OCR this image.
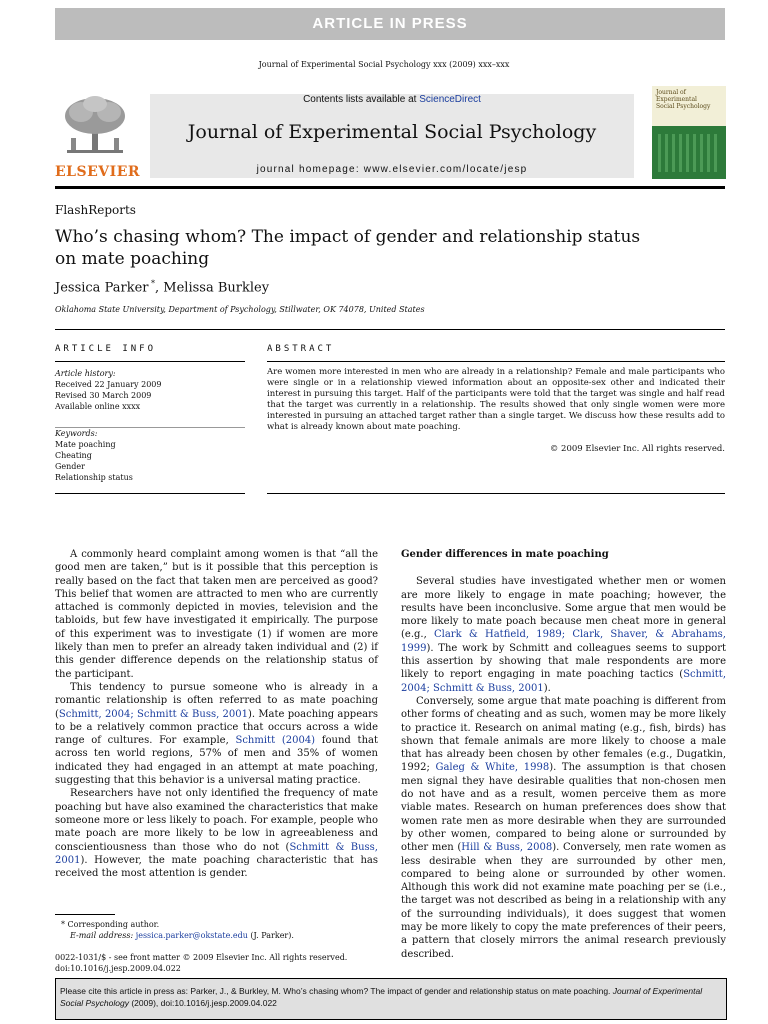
ARTICLE IN PRESS
Journal of Experimental Social Psychology xxx (2009) xxx–xxx
ELSEVIER
Contents lists available at ScienceDirect
Journal of Experimental Social Psychology
journal homepage: www.elsevier.com/locate/jesp
Journal of
Experimental
Social Psychology
FlashReports
Who’s chasing whom? The impact of gender and relationship status
on mate poaching
Jessica Parker *, Melissa Burkley
Oklahoma State University, Department of Psychology, Stillwater, OK 74078, United States
ARTICLE INFO	ABSTRACT
Article history:
Received 22 January 2009
Revised 30 March 2009
Available online xxxx
Keywords:
Mate poaching
Cheating
Gender
Relationship status
Are women more interested in men who are already in a relationship? Female and male participants who were single or in a relationship viewed information about an opposite-sex other and indicated their interest in pursuing this target. Half of the participants were told that the target was single and half read that the target was currently in a relationship. The results showed that only single women were more interested in pursuing an attached target rather than a single target. We discuss how these results add to what is already known about mate poaching.
© 2009 Elsevier Inc. All rights reserved.

A commonly heard complaint among women is that “all the good men are taken,” but is it possible that this perception is really based on the fact that taken men are perceived as good? This belief that women are attracted to men who are currently attached is commonly depicted in movies, television and the tabloids, but few have investigated it empirically. The purpose of this experiment was to investigate (1) if women are more likely than men to prefer an already taken individual and (2) if this gender difference depends on the relationship status of the participant.

This tendency to pursue someone who is already in a romantic relationship is often referred to as mate poaching (Schmitt, 2004; Schmitt & Buss, 2001). Mate poaching appears to be a relatively common practice that occurs across a wide range of cultures. For example, Schmitt (2004) found that across ten world regions, 57% of men and 35% of women indicated they had engaged in an attempt at mate poaching, suggesting that this behavior is a universal mating practice.

Researchers have not only identified the frequency of mate poaching but have also examined the characteristics that make someone more or less likely to poach. For example, people who mate poach are more likely to be low in agreeableness and conscientiousness than those who do not (Schmitt & Buss, 2001). However, the mate poaching characteristic that has received the most attention is gender.

Gender differences in mate poaching

Several studies have investigated whether men or women are more likely to engage in mate poaching; however, the results have been inconclusive. Some argue that men would be more likely to mate poach because men cheat more in general (e.g., Clark & Hatfield, 1989; Clark, Shaver, & Abrahams, 1999). The work by Schmitt and colleagues seems to support this assertion by showing that male respondents are more likely to report engaging in mate poaching tactics (Schmitt, 2004; Schmitt & Buss, 2001).

Conversely, some argue that mate poaching is different from other forms of cheating and as such, women may be more likely to practice it. Research on animal mating (e.g., fish, birds) has shown that female animals are more likely to choose a male that has already been chosen by other females (e.g., Dugatkin, 1992; Galeg & White, 1998). The assumption is that chosen men signal they have desirable qualities that non-chosen men do not have and as a result, women perceive them as more viable mates. Research on human preferences does show that women rate men as more desirable when they are surrounded by other women, compared to being alone or surrounded by other men (Hill & Buss, 2008). Conversely, men rate women as less desirable when they are surrounded by other men, compared to being alone or surrounded by other women. Although this work did not examine mate poaching per se (i.e., the target was not described as being in a relationship with any of the surrounding individuals), it does suggest that women may be more likely to copy the mate preferences of their peers, a pattern that closely mirrors the animal research previously described.

* Corresponding author.
E-mail address: jessica.parker@okstate.edu (J. Parker).
0022-1031/$ - see front matter © 2009 Elsevier Inc. All rights reserved.
doi:10.1016/j.jesp.2009.04.022
Please cite this article in press as: Parker, J., & Burkley, M. Who’s chasing whom? The impact of gender and relationship status on mate poaching. Journal of Experimental Social Psychology (2009), doi:10.1016/j.jesp.2009.04.022
